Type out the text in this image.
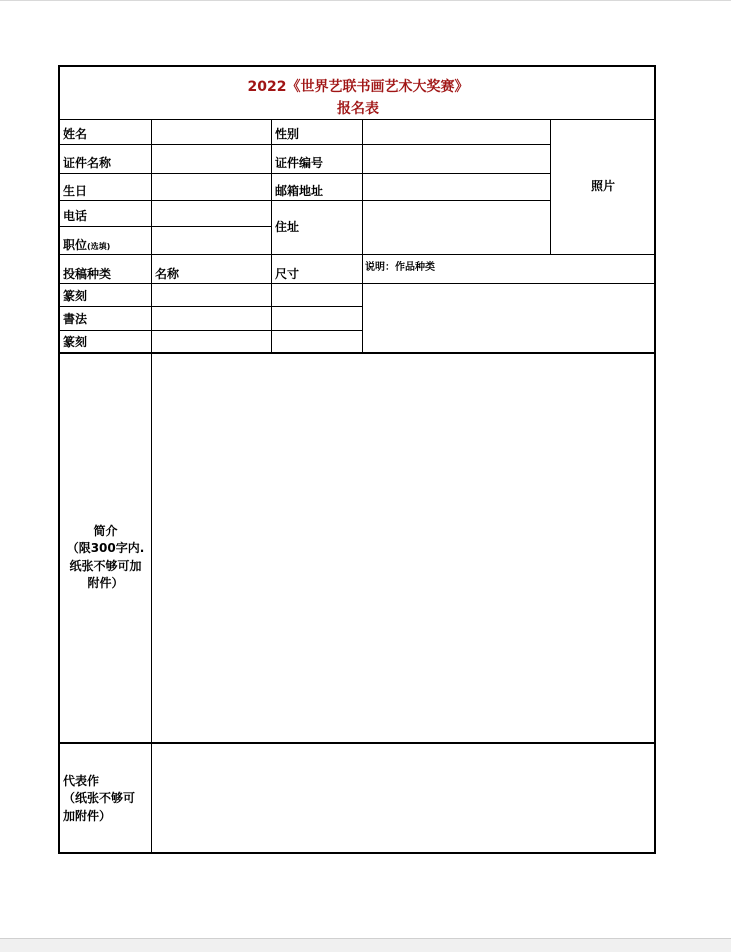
2022《世界艺联书画艺术大奖赛》
报名表
姓名	性别
证件名称	证件编号
生日	邮箱地址
电话
职位(选填)
住址
照片
投稿种类	名称	尺寸	说明：作品种类
篆刻
書法
篆刻
简介
（限300字内.
纸张不够可加
附件）
代表作
（纸张不够可
加附件）
